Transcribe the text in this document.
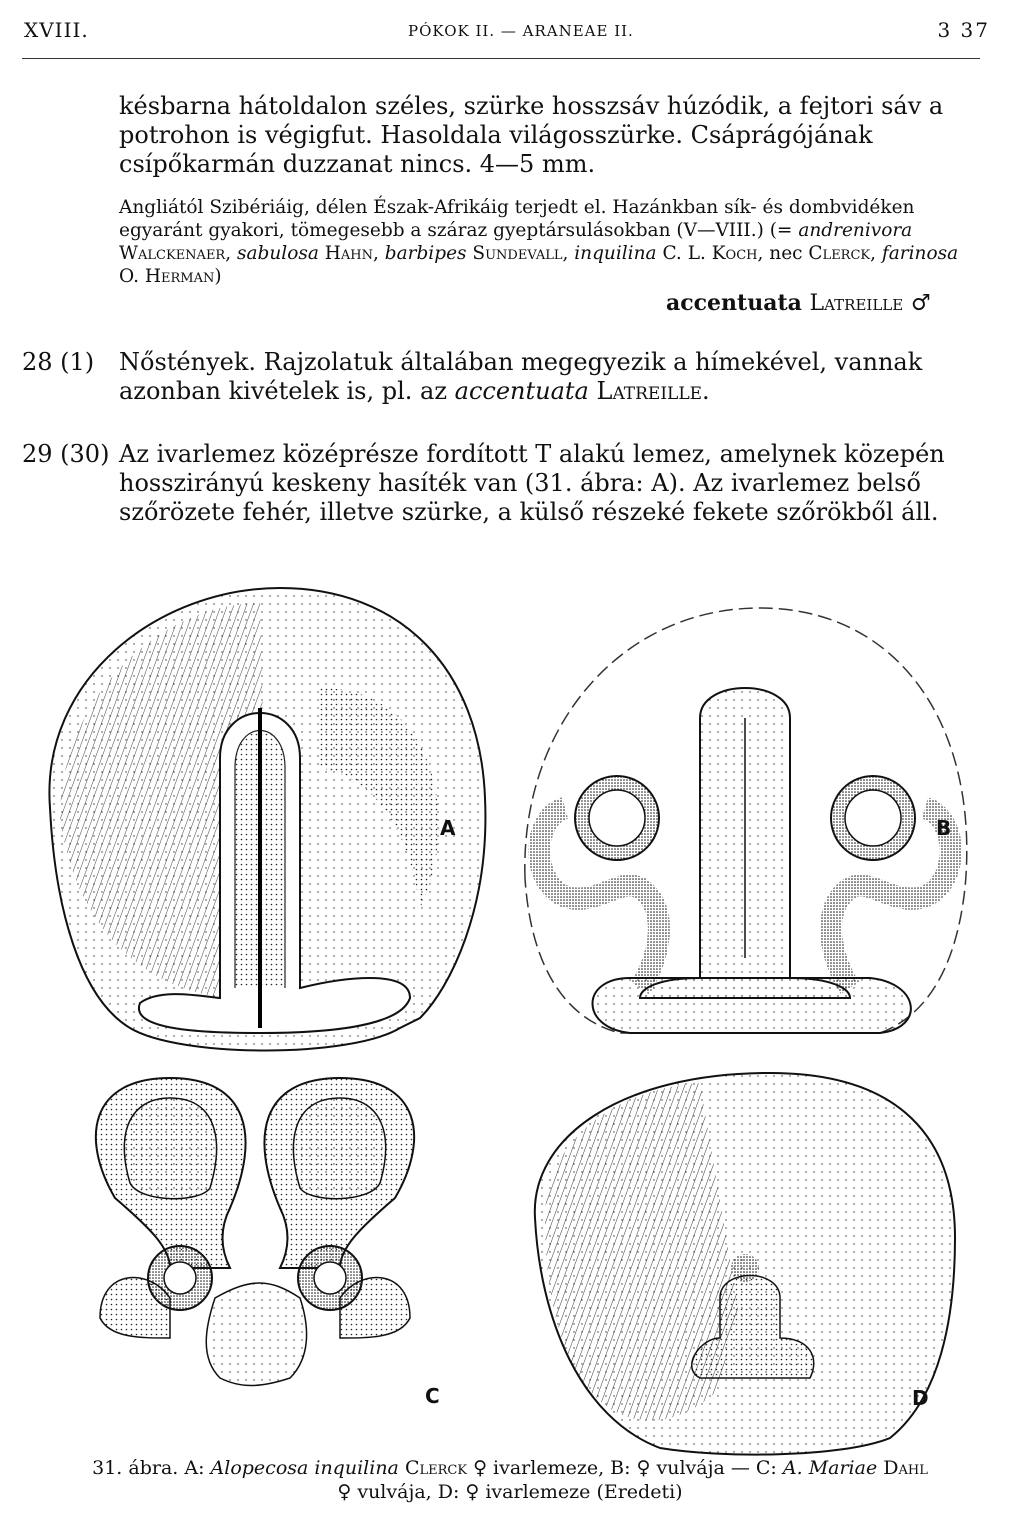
XVIII.	PÓKOK II. — ARANEAE II.	3 37
késbarna hátoldalon széles, szürke hosszsáv húzódik, a fejtori sáv a potrohon is végigfut. Hasoldala világosszürke. Csáprágójának csípőkarmán duzzanat nincs. 4—5 mm.
Angliától Szibériáig, délen Észak-Afrikáig terjedt el. Hazánkban sík- és dombvidéken egyaránt gyakori, tömegesebb a száraz gyeptársulásokban (V—VIII.) (= andrenivora Walckenaer, sabulosa Hahn, barbipes Sundevall, inquilina C. L. Koch, nec Clerck, farinosa O. Herman)
accentuata Latreille ♂
28 (1) Nőstények. Rajzolatuk általában megegyezik a hímekével, vannak azonban kivételek is, pl. az accentuata Latreille.
29 (30) Az ivarlemez középrésze fordított T alakú lemez, amelynek közepén hosszirányú keskeny hasíték van (31. ábra: A). Az ivarlemez belső szőrözete fehér, illetve szürke, a külső részeké fekete szőrökből áll.
A	B
C	D
31. ábra. A: Alopecosa inquilina Clerck ♀ ivarlemeze, B: ♀ vulvája — C: A. Mariae Dahl
♀ vulvája, D: ♀ ivarlemeze (Eredeti)
